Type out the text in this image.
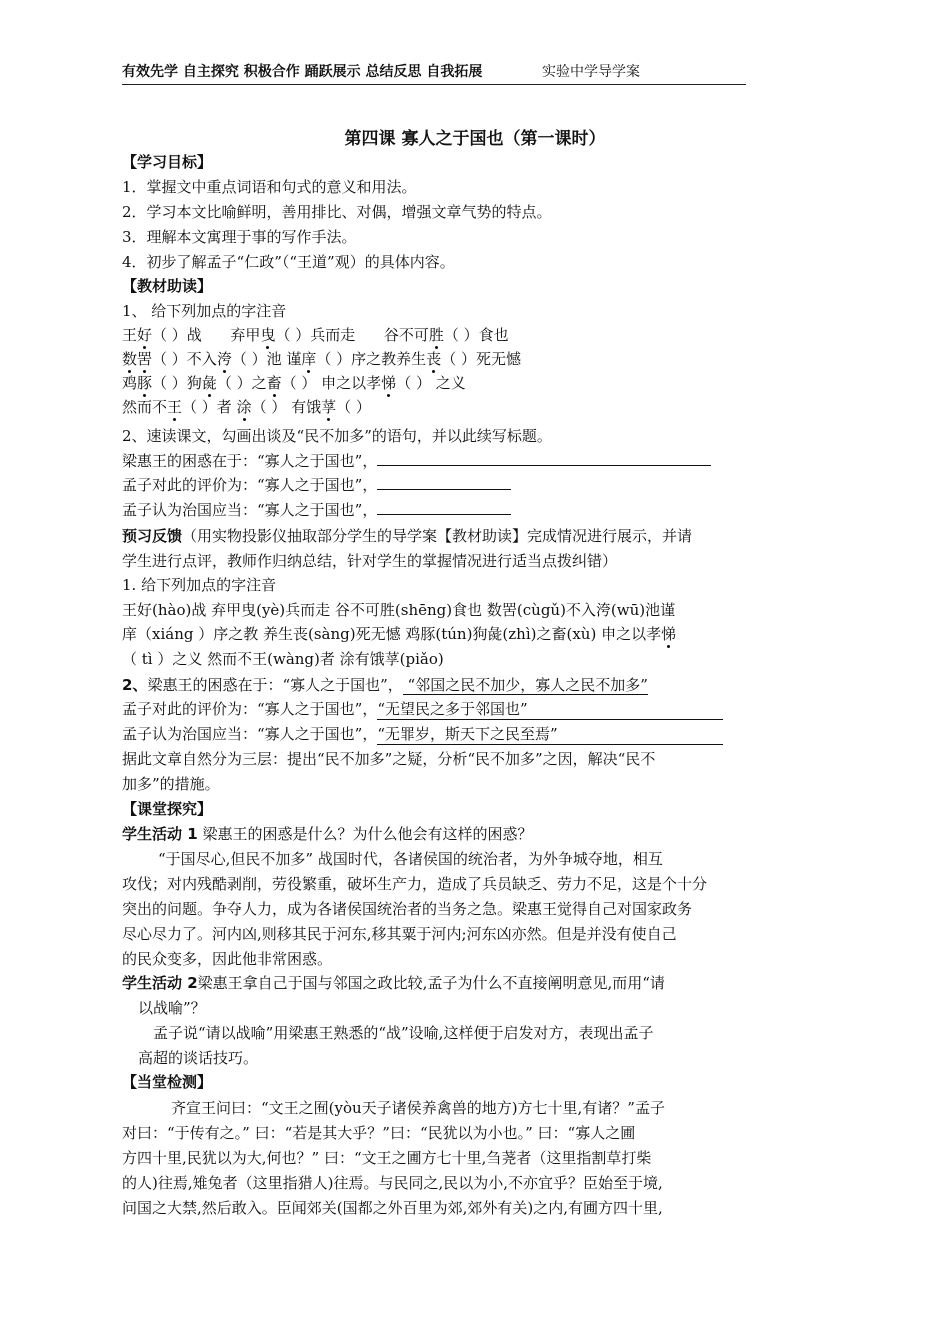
有效先学 自主探究 积极合作 踊跃展示 总结反思 自我拓展	实验中学导学案
第四课 寡人之于国也（第一课时）
【学习目标】
1．掌握文中重点词语和句式的意义和用法。
2．学习本文比喻鲜明，善用排比、对偶，增强文章气势的特点。
3．理解本文寓理于事的写作手法。
4．初步了解孟子“仁政”（“王道”观）的具体内容。
【教材助读】
1、 给下列加点的字注音
王好（ ）战 弃甲曳（ ）兵而走 谷不可胜（ ）食也
数罟（ ）不入洿（ ）池 谨庠（ ）序之教养生丧（ ）死无憾
鸡豚（ ）狗彘（ ）之畜（ ） 申之以孝悌（ ） 之义
然而不王（ ）者 涂（ ） 有饿莩（ ）
2、速读课文，勾画出谈及“民不加多”的语句，并以此续写标题。
梁惠王的困惑在于：“寡人之于国也”，
孟子对此的评价为：“寡人之于国也”，
孟子认为治国应当：“寡人之于国也”，
预习反馈（用实物投影仪抽取部分学生的导学案【教材助读】完成情况进行展示，并请
学生进行点评，教师作归纳总结，针对学生的掌握情况进行适当点拨纠错）
1. 给下列加点的字注音
王好(hào)战 弃甲曳(yè)兵而走 谷不可胜(shēng)食也 数罟(cùgǔ)不入洿(wū)池谨
庠（xiáng ）序之教 养生丧(sàng)死无憾 鸡豚(tún)狗彘(zhì)之畜(xù) 申之以孝悌
（ tì ）之义 然而不王(wàng)者 涂有饿莩(piǎo)
2、梁惠王的困惑在于：“寡人之于国也”， “邻国之民不加少，寡人之民不加多”
孟子对此的评价为：“寡人之于国也”，“无望民之多于邻国也”
孟子认为治国应当：“寡人之于国也”，“无罪岁，斯天下之民至焉”
据此文章自然分为三层：提出“民不加多”之疑，分析“民不加多”之因，解决“民不
加多”的措施。
【课堂探究】
学生活动 1 梁惠王的困惑是什么？为什么他会有这样的困惑？
“于国尽心,但民不加多” 战国时代，各诸侯国的统治者，为外争城夺地，相互
攻伐；对内残酷剥削，劳役繁重，破坏生产力，造成了兵员缺乏、劳力不足，这是个十分
突出的问题。争夺人力，成为各诸侯国统治者的当务之急。梁惠王觉得自己对国家政务
尽心尽力了。河内凶,则移其民于河东,移其粟于河内;河东凶亦然。但是并没有使自己
的民众变多，因此他非常困惑。
学生活动 2梁惠王拿自己于国与邻国之政比较,孟子为什么不直接阐明意见,而用“请
以战喻”？
孟子说“请以战喻”用梁惠王熟悉的“战”设喻,这样便于启发对方，表现出孟子
高超的谈话技巧。
【当堂检测】
齐宣王问曰：“文王之囿(yòu天子诸侯养禽兽的地方)方七十里,有诸？”孟子
对曰：“于传有之。” 曰：“若是其大乎？”曰：“民犹以为小也。” 曰：“寡人之圃
方四十里,民犹以为大,何也？” 曰：“文王之圃方七十里,刍荛者（这里指割草打柴
的人)往焉,雉兔者（这里指猎人)往焉。与民同之,民以为小,不亦宜乎？臣始至于境,
问国之大禁,然后敢入。臣闻郊关(国都之外百里为郊,郊外有关)之内,有圃方四十里,
